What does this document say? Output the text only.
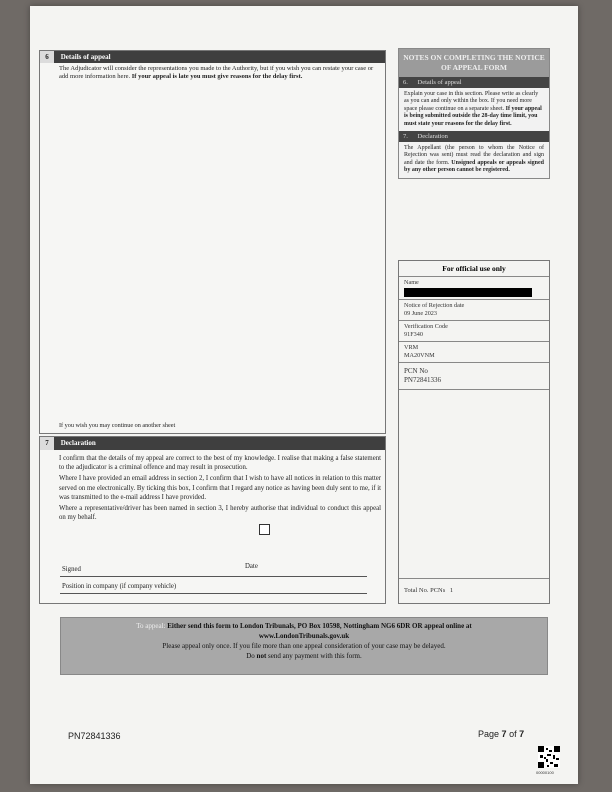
6 Details of appeal
The Adjudicator will consider the representations you made to the Authority, but if you wish you can restate your case or add more information here. If your appeal is late you must give reasons for the delay first.
If you wish you may continue on another sheet
7 Declaration
I confirm that the details of my appeal are correct to the best of my knowledge. I realise that making a false statement to the adjudicator is a criminal offence and may result in prosecution.
Where I have provided an email address in section 2, I confirm that I wish to have all notices in relation to this matter served on me electronically. By ticking this box, I confirm that I regard any notice as having been duly sent to me, if it was transmitted to the e-mail address I have provided.
Where a representative/driver has been named in section 3, I hereby authorise that individual to conduct this appeal on my behalf.
Signed	Date
Position in company (if company vehicle)
NOTES ON COMPLETING THE NOTICE OF APPEAL FORM
6. Details of appeal
Explain your case in this section. Please write as clearly as you can and only within the box. If you need more space please continue on a separate sheet. If your appeal is being submitted outside the 28-day time limit, you must state your reasons for the delay first.
7. Declaration
The Appellant (the person to whom the Notice of Rejection was sent) must read the declaration and sign and date the form. Unsigned appeals or appeals signed by any other person cannot be registered.
For official use only
Name
Notice of Rejection date
09 June 2023
Verification Code
91F340
VRM
MA20VNM
PCN No
PN72841336
Total No. PCNs 1
To appeal: Either send this form to London Tribunals, PO Box 10598, Nottingham NG6 6DR OR appeal online at
www.LondonTribunals.gov.uk
Please appeal only once. If you file more than one appeal consideration of your case may be delayed.
Do not send any payment with this form.
PN72841336	Page 7 of 7
00000100
